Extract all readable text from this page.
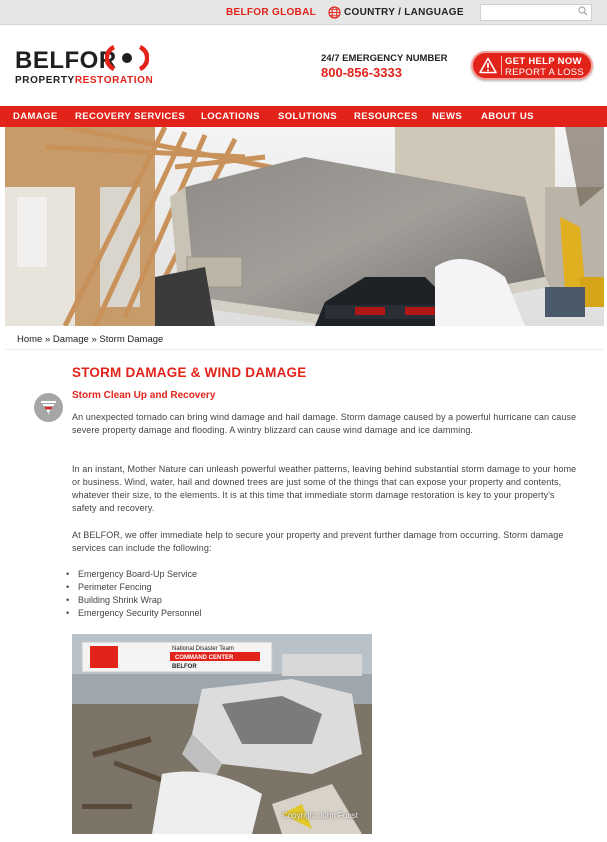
BELFOR GLOBAL	COUNTRY / LANGUAGE
BELFOR
PROPERTYRESTORATION
24/7 EMERGENCY NUMBER
800-856-3333
GET HELP NOW
REPORT A LOSS
DAMAGE RECOVERY SERVICES LOCATIONS SOLUTIONS RESOURCES NEWS ABOUT US
Home » Damage » Storm Damage
STORM DAMAGE & WIND DAMAGE
Storm Clean Up and Recovery

An unexpected tornado can bring wind damage and hail damage. Storm damage caused by a powerful hurricane can cause severe property damage and flooding. A wintry blizzard can cause wind damage and ice damming.

In an instant, Mother Nature can unleash powerful weather patterns, leaving behind substantial storm damage to your home or business. Wind, water, hail and downed trees are just some of the things that can expose your property and contents, whatever their size, to the elements. It is at this time that immediate storm damage restoration is key to your property's safety and recovery.

At BELFOR, we offer immediate help to secure your property and prevent further damage from occurring. Storm damage services can include the following:

• Emergency Board-Up Service
• Perimeter Fencing
• Building Shrink Wrap
• Emergency Security Personnel
National Disaster Team
COMMAND CENTER
BELFOR
Copyright John Foust
